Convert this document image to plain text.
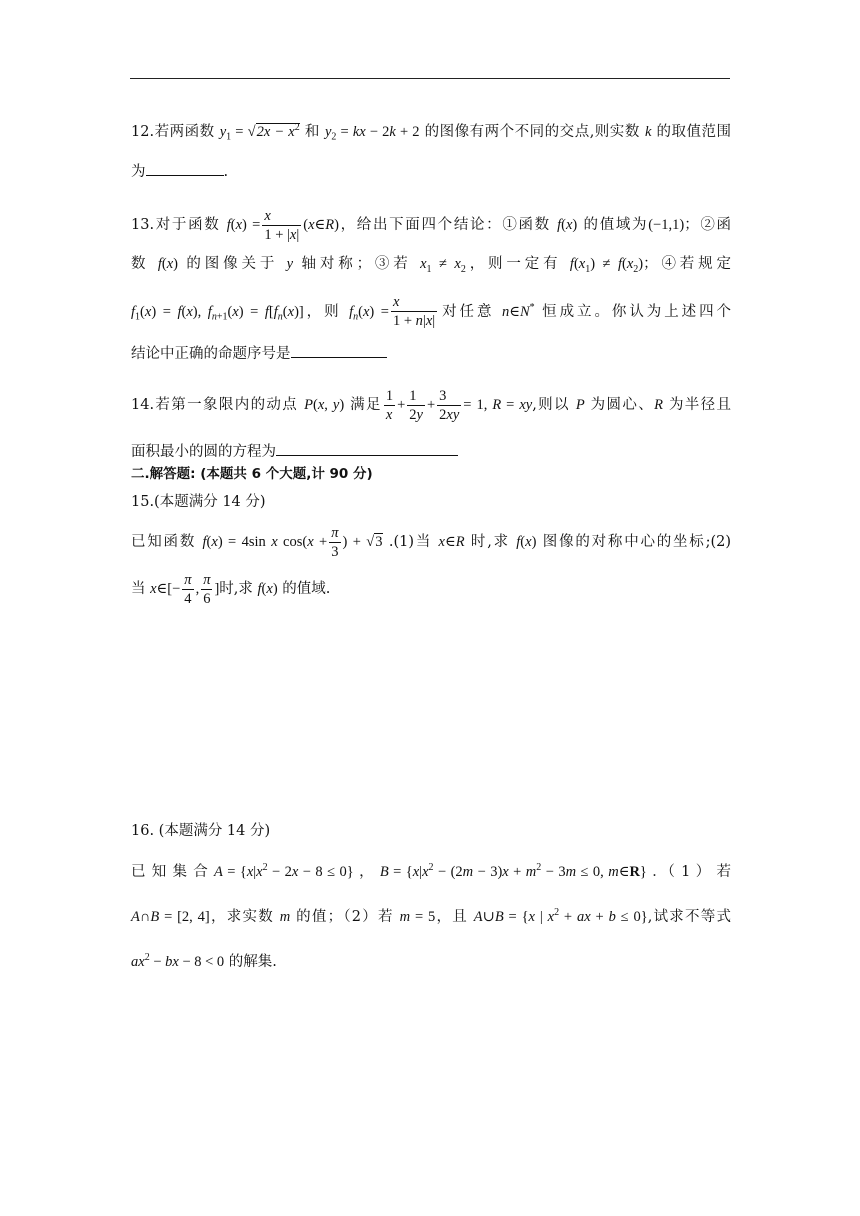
12.若两函数 $y_1 = √2x - x^2$ 和 $y_2$ = kx − 2k + 2 的图像有两个不同的交点,则实数 k 的取值范围
为	.
13.对于函数 $f(x) = \frac{x}{1 + |x|}$ (x∈R)，给出下面四个结论：①函数 f(x) 的值域为(−1,1)；②函
数 f(x) 的图像关于 y 轴对称；③若 $x_1 \ne x_2$，则一定有 $f(x_1) \ne f(x_2)$；④若规定
$f_1(x) = f(x)$, $f_{n+1}(x) = f[f_n(x)]$，则 $f_n(x) = \frac{x}{1 + n|x|}$ 对任意 n∈N* 恒成立。你认为上述四个
结论中正确的命题序号是
14.若第一象限内的动点 P(x, y) 满足 $\frac{1}{x} + \frac{1}{2y} + \frac{3}{2xy} = 1$, R = xy,则以 P 为圆心、R 为半径且
面积最小的圆的方程为
二.解答题: (本题共 6 个大题,计 90 分)
15.(本题满分 14 分)
已知函数 f(x) = 4sin x $\cos(x + \frac{\pi}{3}$ ) + √3 .(1)当 x∈R 时,求 f(x) 图像的对称中心的坐标;(2)
当 x∈[− $\frac{\pi}{4}$ , $\frac{\pi}{6}$ ]时,求 f(x) 的值域.
16. (本题满分 14 分)
已 知 集 合 $A = \{x|x^2 - 2x - 8 \le 0\}$ ， $B = \{x|x^2 - (2m - 3)x + m^2 - 3m \le 0$, m∈R} ．（ 1 ） 若
A∩B = [2, 4]，求实数 m 的值；（2）若 m = 5，且 A∪B = {x | $x^2$ + ax + b ≤ 0},试求不等式
$ax^2$ − bx − 8 < 0 的解集.
